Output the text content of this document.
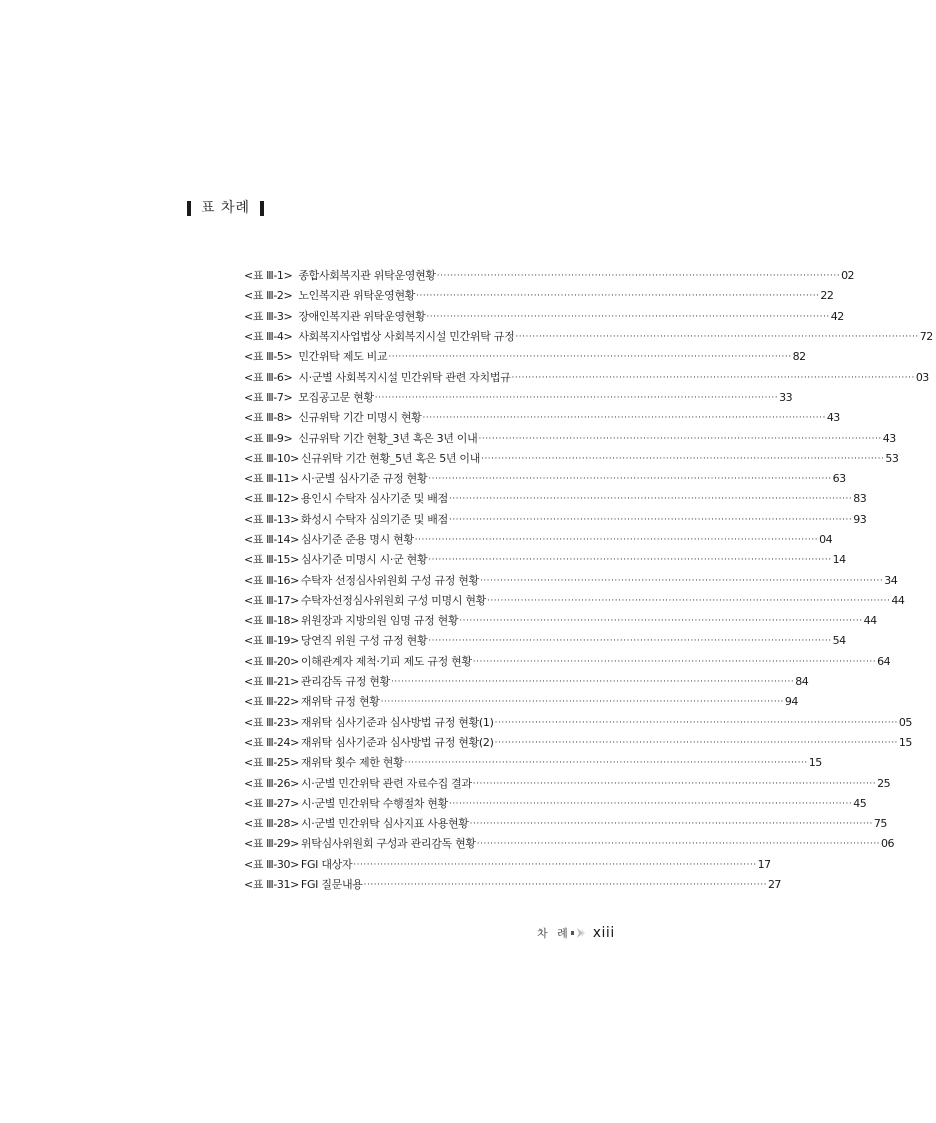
표 차례
<표 Ⅲ-1> 종합사회복지관 위탁운영현황 ························································································································ 02
<표 Ⅲ-2> 노인복지관 위탁운영현황 ························································································································ 22
<표 Ⅲ-3> 장애인복지관 위탁운영현황 ························································································································ 42
<표 Ⅲ-4> 사회복지사업법상 사회복지시설 민간위탁 규정 ························································································································ 72
<표 Ⅲ-5> 민간위탁 제도 비교 ························································································································ 82
<표 Ⅲ-6> 시·군별 사회복지시설 민간위탁 관련 자치법규 ························································································································ 03
<표 Ⅲ-7> 모집공고문 현황 ························································································································ 33
<표 Ⅲ-8> 신규위탁 기간 미명시 현황 ························································································································ 43
<표 Ⅲ-9> 신규위탁 기간 현황_3년 혹은 3년 이내 ························································································································ 43
<표 Ⅲ-10> 신규위탁 기간 현황_5년 혹은 5년 이내 ························································································································ 53
<표 Ⅲ-11> 시·군별 심사기준 규정 현황 ························································································································ 63
<표 Ⅲ-12> 용인시 수탁자 심사기준 및 배점 ························································································································ 83
<표 Ⅲ-13> 화성시 수탁자 심의기준 및 배점 ························································································································ 93
<표 Ⅲ-14> 심사기준 준용 명시 현황 ························································································································ 04
<표 Ⅲ-15> 심사기준 미명시 시·군 현황 ························································································································ 14
<표 Ⅲ-16> 수탁자 선정심사위원회 구성 규정 현황 ························································································································ 34
<표 Ⅲ-17> 수탁자선정심사위원회 구성 미명시 현황 ························································································································ 44
<표 Ⅲ-18> 위원장과 지방의원 임명 규정 현황 ························································································································ 44
<표 Ⅲ-19> 당연직 위원 구성 규정 현황 ························································································································ 54
<표 Ⅲ-20> 이해관계자 제척·기피 제도 규정 현황 ························································································································ 64
<표 Ⅲ-21> 관리감독 규정 현황 ························································································································ 84
<표 Ⅲ-22> 재위탁 규정 현황 ························································································································ 94
<표 Ⅲ-23> 재위탁 심사기준과 심사방법 규정 현황(1) ························································································································ 05
<표 Ⅲ-24> 재위탁 심사기준과 심사방법 규정 현황(2) ························································································································ 15
<표 Ⅲ-25> 재위탁 횟수 제한 현황 ························································································································ 15
<표 Ⅲ-26> 시·군별 민간위탁 관련 자료수집 결과 ························································································································ 25
<표 Ⅲ-27> 시·군별 민간위탁 수행절차 현황 ························································································································ 45
<표 Ⅲ-28> 시·군별 민간위탁 심사지표 사용현황 ························································································································ 75
<표 Ⅲ-29> 위탁심사위원회 구성과 관리감독 현황 ························································································································ 06
<표 Ⅲ-30> FGI 대상자 ························································································································ 17
<표 Ⅲ-31> FGI 질문내용 ························································································································ 27
차 례 xiii
